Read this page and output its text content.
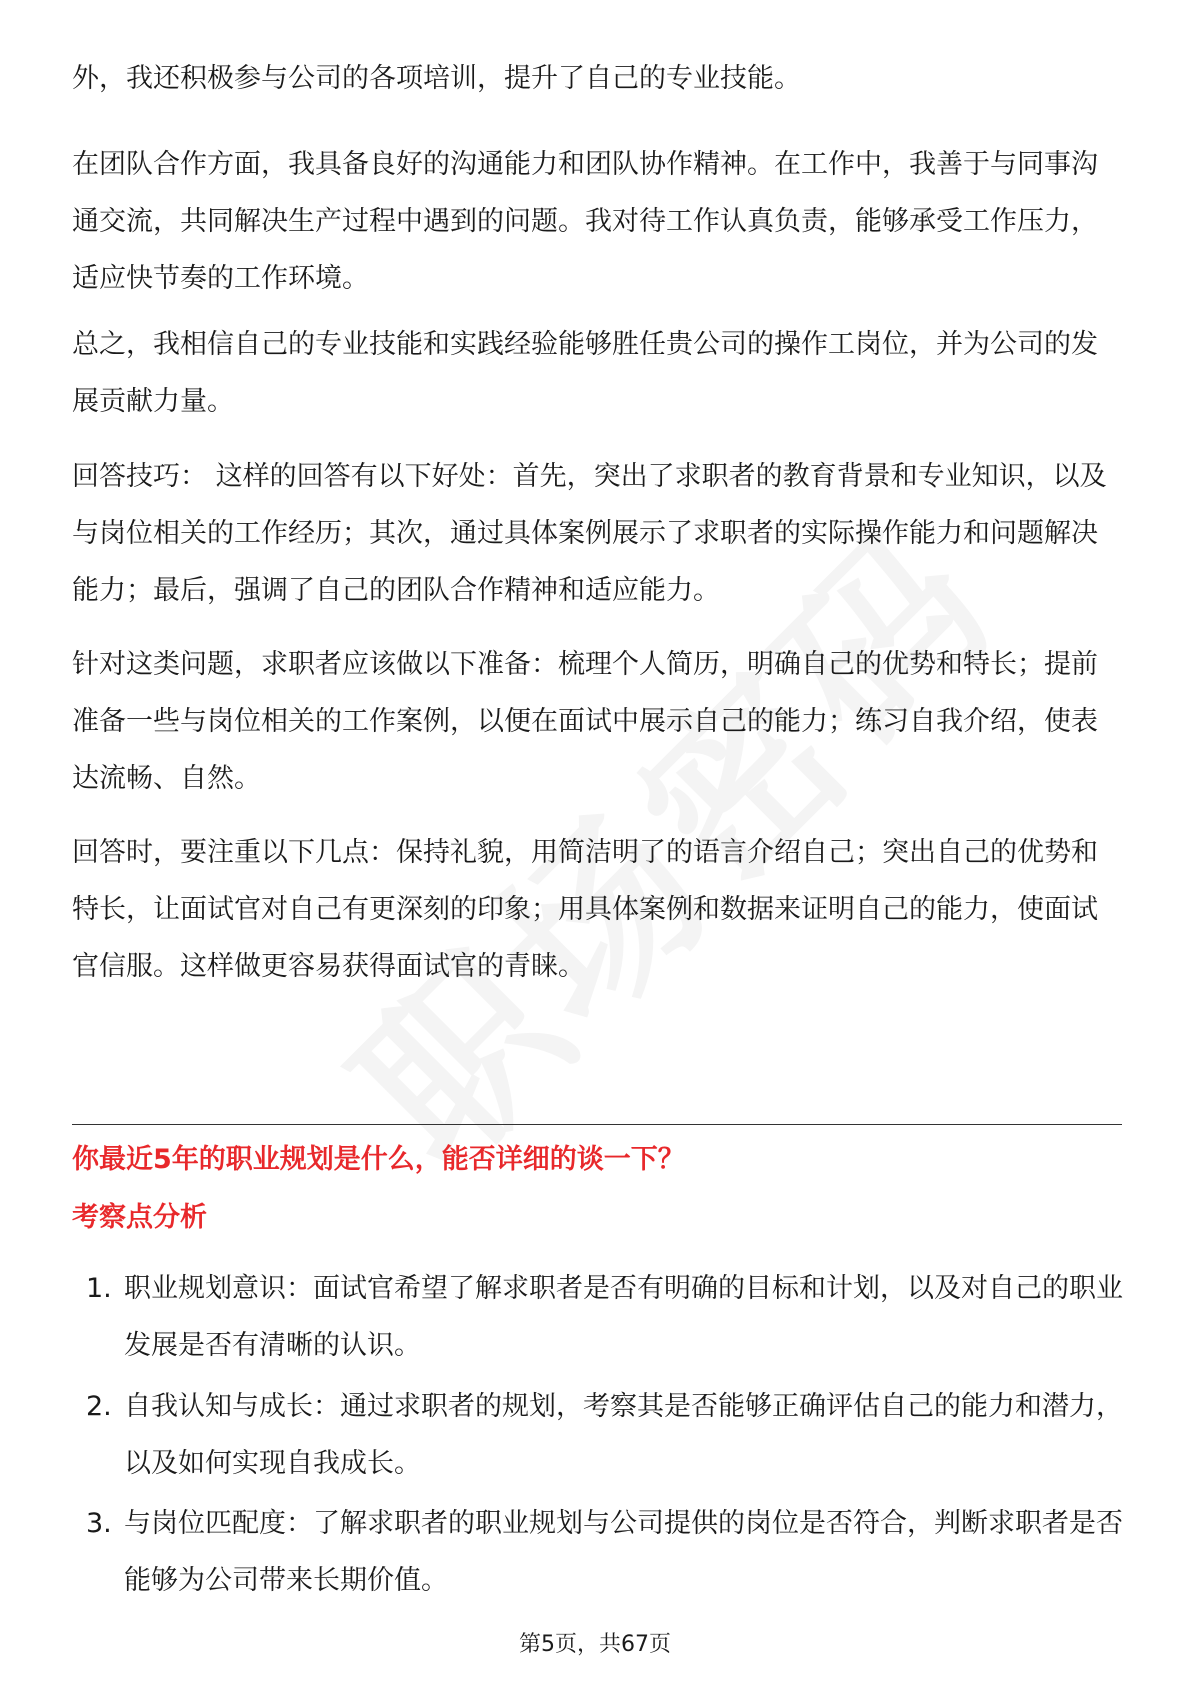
外，我还积极参与公司的各项培训，提升了自己的专业技能。

在团队合作方面，我具备良好的沟通能力和团队协作精神。在工作中，我善于与同事沟通交流，共同解决生产过程中遇到的问题。我对待工作认真负责，能够承受工作压力，适应快节奏的工作环境。

总之，我相信自己的专业技能和实践经验能够胜任贵公司的操作工岗位，并为公司的发展贡献力量。

回答技巧： 这样的回答有以下好处：首先，突出了求职者的教育背景和专业知识，以及与岗位相关的工作经历；其次，通过具体案例展示了求职者的实际操作能力和问题解决能力；最后，强调了自己的团队合作精神和适应能力。

针对这类问题，求职者应该做以下准备：梳理个人简历，明确自己的优势和特长；提前准备一些与岗位相关的工作案例，以便在面试中展示自己的能力；练习自我介绍，使表达流畅、自然。

回答时，要注重以下几点：保持礼貌，用简洁明了的语言介绍自己；突出自己的优势和特长，让面试官对自己有更深刻的印象；用具体案例和数据来证明自己的能力，使面试官信服。这样做更容易获得面试官的青睐。

你最近5年的职业规划是什么，能否详细的谈一下？
考察点分析
1. 职业规划意识：面试官希望了解求职者是否有明确的目标和计划，以及对自己的职业发展是否有清晰的认识。
2. 自我认知与成长：通过求职者的规划，考察其是否能够正确评估自己的能力和潜力，以及如何实现自我成长。
3. 与岗位匹配度：了解求职者的职业规划与公司提供的岗位是否符合，判断求职者是否能够为公司带来长期价值。
第5页，共67页
